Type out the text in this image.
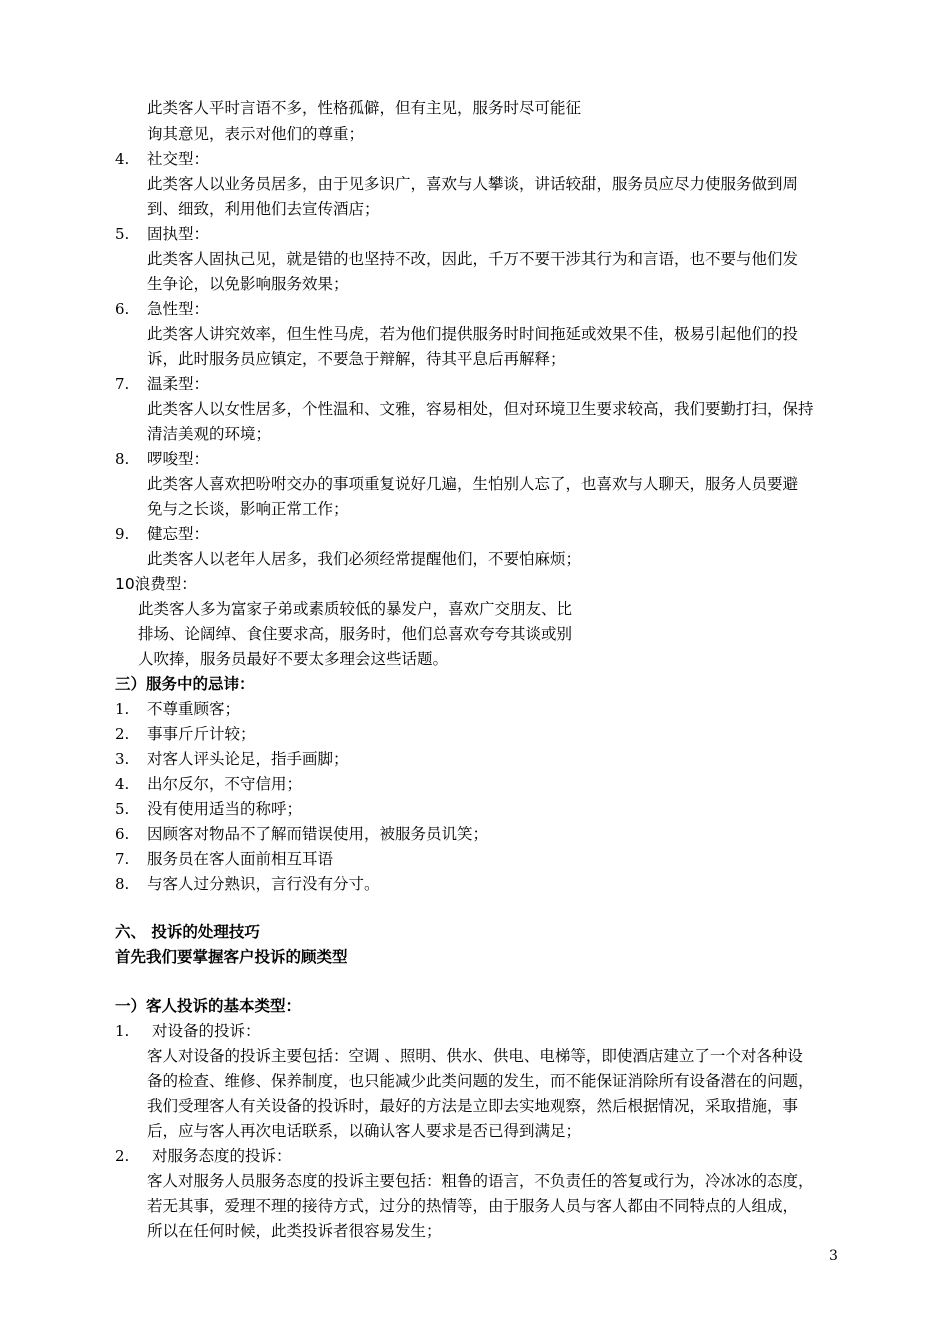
此类客人平时言语不多，性格孤僻，但有主见，服务时尽可能征
询其意见，表示对他们的尊重；
4. 社交型：
此类客人以业务员居多，由于见多识广，喜欢与人攀谈，讲话较甜，服务员应尽力使服务做到周
到、细致，利用他们去宣传酒店；
5. 固执型：
此类客人固执己见，就是错的也坚持不改，因此，千万不要干涉其行为和言语，也不要与他们发
生争论，以免影响服务效果；
6. 急性型：
此类客人讲究效率，但生性马虎，若为他们提供服务时时间拖延或效果不佳，极易引起他们的投
诉，此时服务员应镇定，不要急于辩解，待其平息后再解释；
7. 温柔型：
此类客人以女性居多，个性温和、文雅，容易相处，但对环境卫生要求较高，我们要勤打扫，保持
清洁美观的环境；
8. 啰唆型：
此类客人喜欢把吩咐交办的事项重复说好几遍，生怕别人忘了，也喜欢与人聊天，服务人员要避
免与之长谈，影响正常工作；
9. 健忘型：
此类客人以老年人居多，我们必须经常提醒他们，不要怕麻烦；
10浪费型：
此类客人多为富家子弟或素质较低的暴发户，喜欢广交朋友、比
排场、论阔绰、食住要求高，服务时，他们总喜欢夸夸其谈或别
人吹捧，服务员最好不要太多理会这些话题。
三）服务中的忌讳：
1. 不尊重顾客；
2. 事事斤斤计较；
3. 对客人评头论足，指手画脚；
4. 出尔反尔，不守信用；
5. 没有使用适当的称呼；
6. 因顾客对物品不了解而错误使用，被服务员讥笑；
7. 服务员在客人面前相互耳语
8. 与客人过分熟识，言行没有分寸。
六、 投诉的处理技巧
首先我们要掌握客户投诉的顾类型
一）客人投诉的基本类型：
1. 对设备的投诉：
客人对设备的投诉主要包括：空调 、照明、供水、供电、电梯等，即使酒店建立了一个对各种设
备的检查、维修、保养制度，也只能减少此类问题的发生，而不能保证消除所有设备潜在的问题，
我们受理客人有关设备的投诉时，最好的方法是立即去实地观察，然后根据情况，采取措施，事
后，应与客人再次电话联系，以确认客人要求是否已得到满足；
2. 对服务态度的投诉：
客人对服务人员服务态度的投诉主要包括：粗鲁的语言，不负责任的答复或行为，冷冰冰的态度，
若无其事，爱理不理的接待方式，过分的热情等，由于服务人员与客人都由不同特点的人组成，
所以在任何时候，此类投诉者很容易发生；
3
